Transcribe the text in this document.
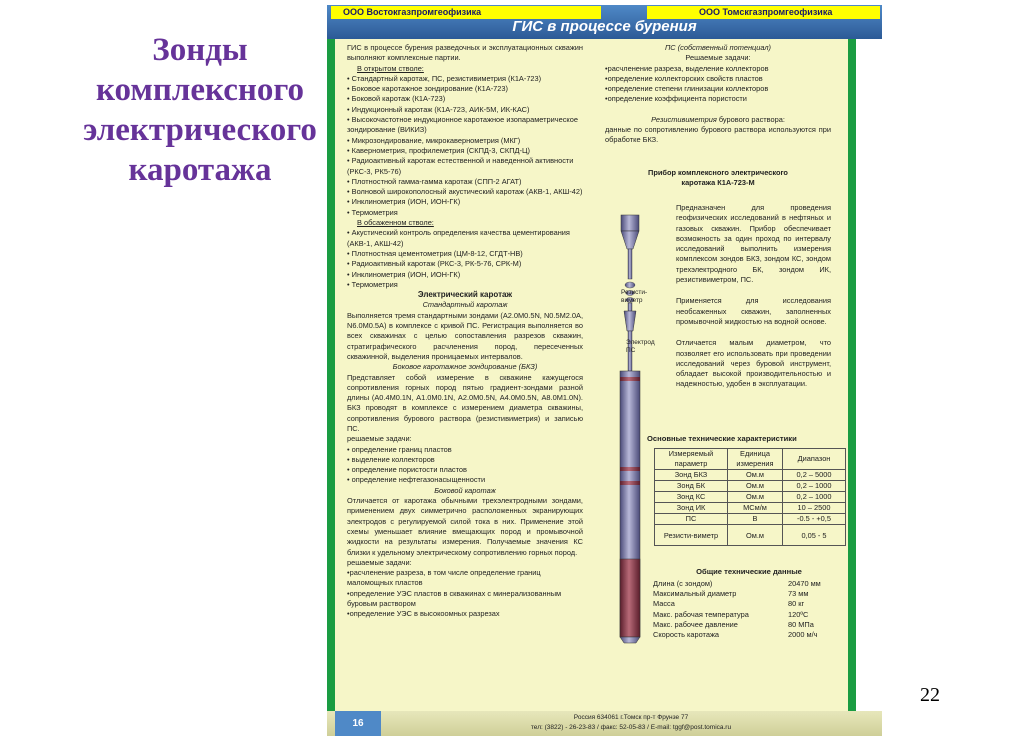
Зонды
комплексного
электрического
каротажа
22
ООО Востокгазпромгеофизика	ООО Томскгазпромгеофизика
ГИС в процессе бурения

ГИС в процессе бурения разведочных и эксплуатационных скважин выполняют комплексные партии.

В открытом стволе:

• Стандартный каротаж, ПС, резистивиметрия (К1А-723)

• Боковое каротажное зондирование (К1А-723)

• Боковой каротаж (К1А-723)

• Индукционный каротаж (К1А-723, АИК-5М, ИК-КАС)

• Высокочастотное индукционное каротажное изопараметрическое зондирование (ВИКИЗ)

• Микрозондирование, микрокавернометрия (МКГ)

• Кавернометрия, профилеметрия (СКПД-3, СКПД-Ц)

• Радиоактивный каротаж естественной и наведенной активности (РКС-3, РК5-76)

• Плотностной гамма-гамма каротаж (СПП-2 АГАТ)

• Волновой широкополосный акустический каротаж (АКВ-1, АКШ-42)

• Инклинометрия (ИОН, ИОН-ГК)

• Термометрия

В обсаженном стволе:

• Акустический контроль определения качества цементирования (АКВ-1, АКШ-42)

• Плотностная цементометрия (ЦМ-8-12, СГДТ-НВ)

• Радиоактивный каротаж (РКС-3, РК-5-76, СРК-М)

• Инклинометрия (ИОН, ИОН-ГК)

• Термометрия

Электрический каротаж

Стандартный каротаж

Выполняется тремя стандартными зондами (А2.0М0.5N, N0.5М2.0А, N6.0М0.5А) в комплексе с кривой ПС. Регистрация выполняется во всех скважинах с целью сопоставления разрезов скважин, стратиграфического расчленения пород, пересеченных скважинной, выделения проницаемых интервалов.

Боковое каротажное зондирование (БКЗ)

Представляет собой измерение в скважине кажущегося сопротивления горных пород пятью градиент-зондами разной длины (А0.4М0.1N, А1.0М0.1N, А2.0М0.5N, А4.0М0.5N, А8.0М1.0N). БКЗ проводят в комплексе с измерением диаметра скважины, сопротивления бурового раствора (резистивиметрия) и записью ПС.

решаемые задачи:

• определение границ пластов

• выделение коллекторов

• определение пористости пластов

• определение нефтегазонасыщенности

Боковой каротаж

Отличается от каротажа обычными трехэлектродными зондами, применением двух симметрично расположенных экранирующих электродов с регулируемой силой тока в них. Применение этой схемы уменьшает влияние вмещающих пород и промывочной жидкости на результаты измерения. Получаемые значения КС близки к удельному электрическому сопротивлению горных пород.

решаемые задачи:

•расчленение разреза, в том числе определение границ маломощных пластов

•определение УЭС пластов в скважинах с минерализованным буровым раствором

•определение УЭС в высокоомных разрезах

ПС (собственный потенциал)

Решаемые задачи:

•расчленение разреза, выделение коллекторов

•определение коллекторских свойств пластов

•определение степени глинизации коллекторов

•определение коэффициента пористости

Резистивиметрия бурового раствора:

данные по сопротивлению бурового раствора используются при обработке БКЗ.

Прибор комплексного электрического каротажа К1А-723-М

Резисти-виметр
Электрод ПС

Предназначен для проведения геофизических исследований в нефтяных и газовых скважин. Прибор обеспечивает возможность за один проход по интервалу исследований выполнить измерения комплексом зондов БКЗ, зондом КС, зондом трехэлектродного БК, зондом ИК, резистивиметром, ПС.

Применяется для исследования необсаженных скважин, заполненных промывочной жидкостью на водной основе.

Отличается малым диаметром, что позволяет его использовать при проведении исследований через буровой инструмент, обладает высокой производительностью и надежностью, удобен в эксплуатации.

Основные технические характеристики
Измеряемый параметр	Единица измерения	Диапазон
Зонд БКЗ	Ом.м	0,2 – 5000
Зонд БК	Ом.м	0,2 – 1000
Зонд КС	Ом.м	0,2 – 1000
Зонд ИК	МСм/м	10 – 2500
ПС	В	-0.5 - +0,5
Резисти-виметр	Ом.м	0,05 - 5
Общие технические данные
Длина (с зондом)	20470 мм
Максимальный диаметр	73 мм
Масса	80 кг
Макс. рабочая температура	120ºС
Макс. рабочее давление	80 МПа
Скорость каротажа	2000 м/ч
16
Россия 634061 г.Томск пр-т Фрунзе 77
тел: (3822) - 26-23-83 / факс: 52-05-83 / E-mail: tggf@post.tomica.ru
